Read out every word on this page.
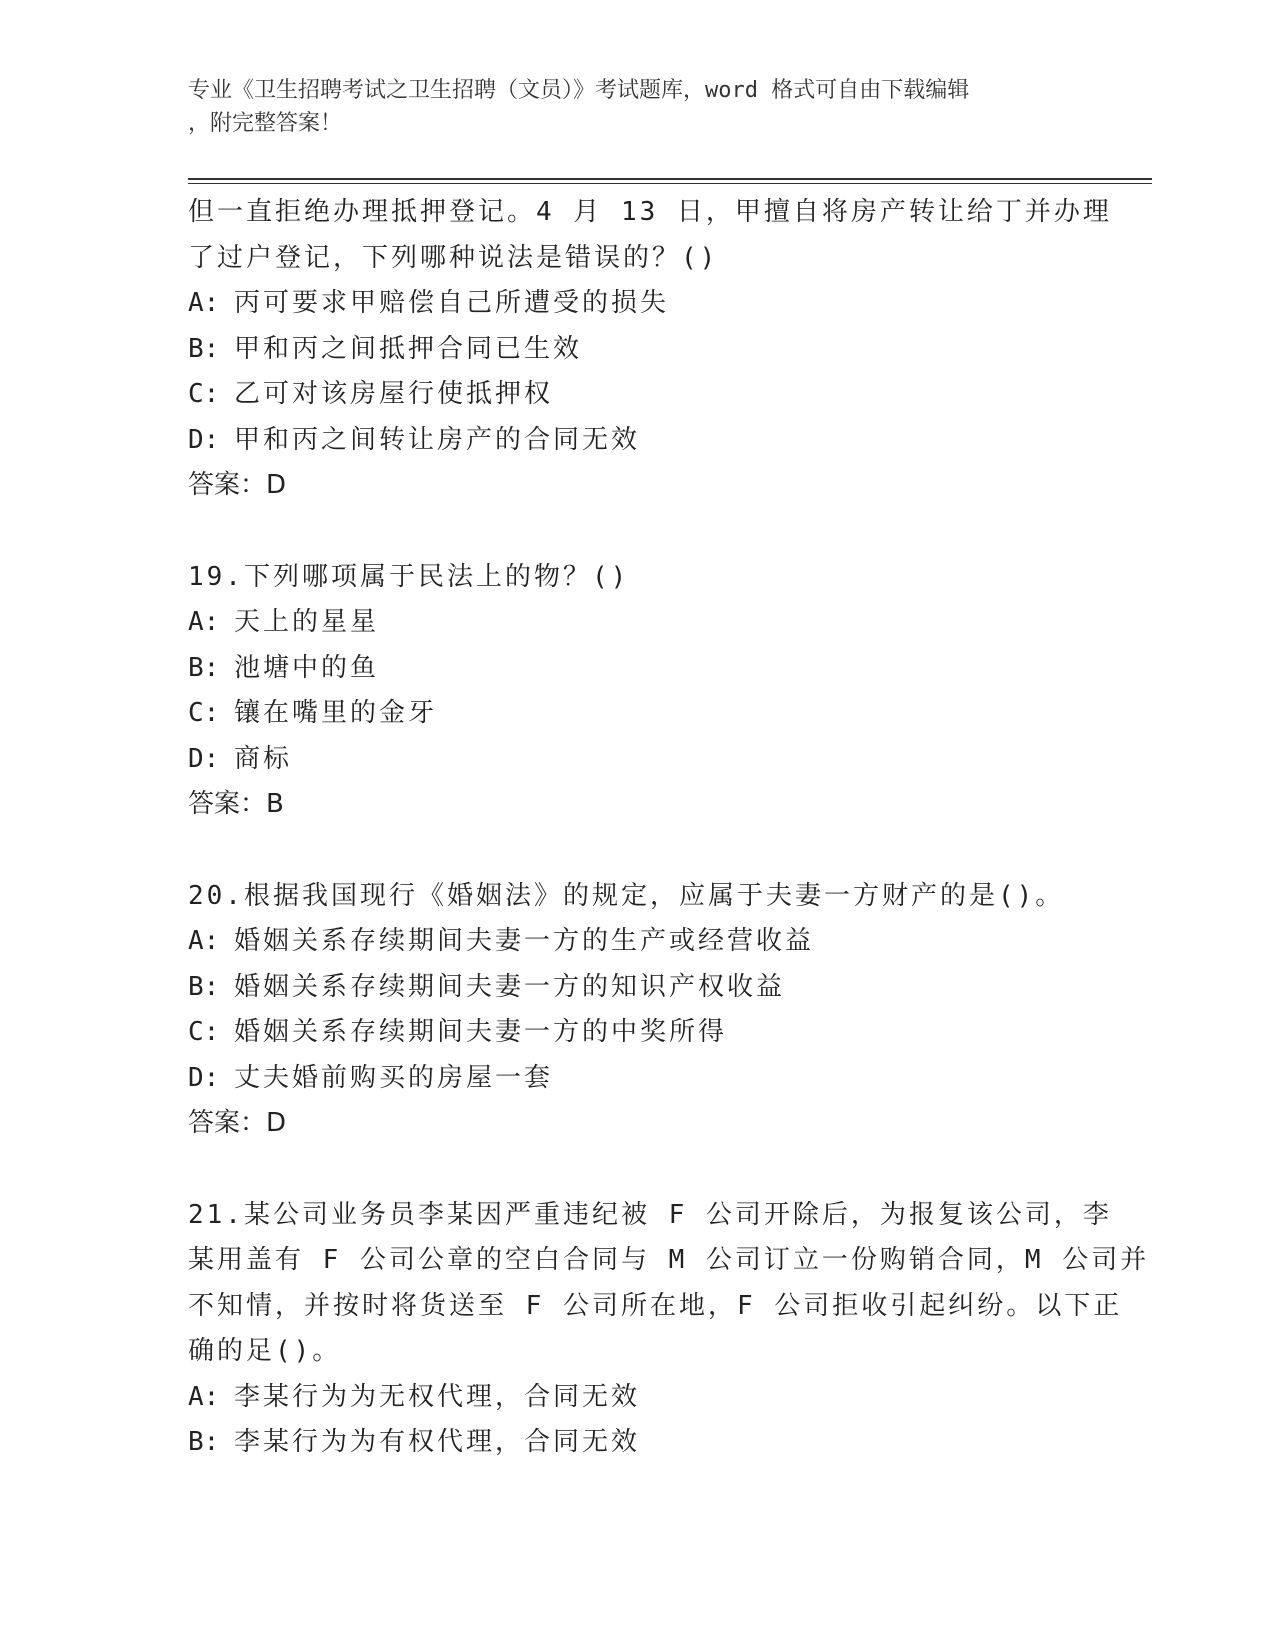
专业《卫生招聘考试之卫生招聘（文员）》考试题库，word 格式可自由下载编辑
，附完整答案！
但一直拒绝办理抵押登记。4 月 13 日，甲擅自将房产转让给丁并办理
了过户登记，下列哪种说法是错误的？()
A: 丙可要求甲赔偿自己所遭受的损失
B: 甲和丙之间抵押合同已生效
C: 乙可对该房屋行使抵押权
D: 甲和丙之间转让房产的合同无效
答案：D
19.下列哪项属于民法上的物？()
A: 天上的星星
B: 池塘中的鱼
C: 镶在嘴里的金牙
D: 商标
答案：B
20.根据我国现行《婚姻法》的规定，应属于夫妻一方财产的是()。
A: 婚姻关系存续期间夫妻一方的生产或经营收益
B: 婚姻关系存续期间夫妻一方的知识产权收益
C: 婚姻关系存续期间夫妻一方的中奖所得
D: 丈夫婚前购买的房屋一套
答案：D
21.某公司业务员李某因严重违纪被 F 公司开除后，为报复该公司，李
某用盖有 F 公司公章的空白合同与 M 公司订立一份购销合同，M 公司并
不知情，并按时将货送至 F 公司所在地，F 公司拒收引起纠纷。以下正
确的足()。
A: 李某行为为无权代理，合同无效
B: 李某行为为有权代理，合同无效
